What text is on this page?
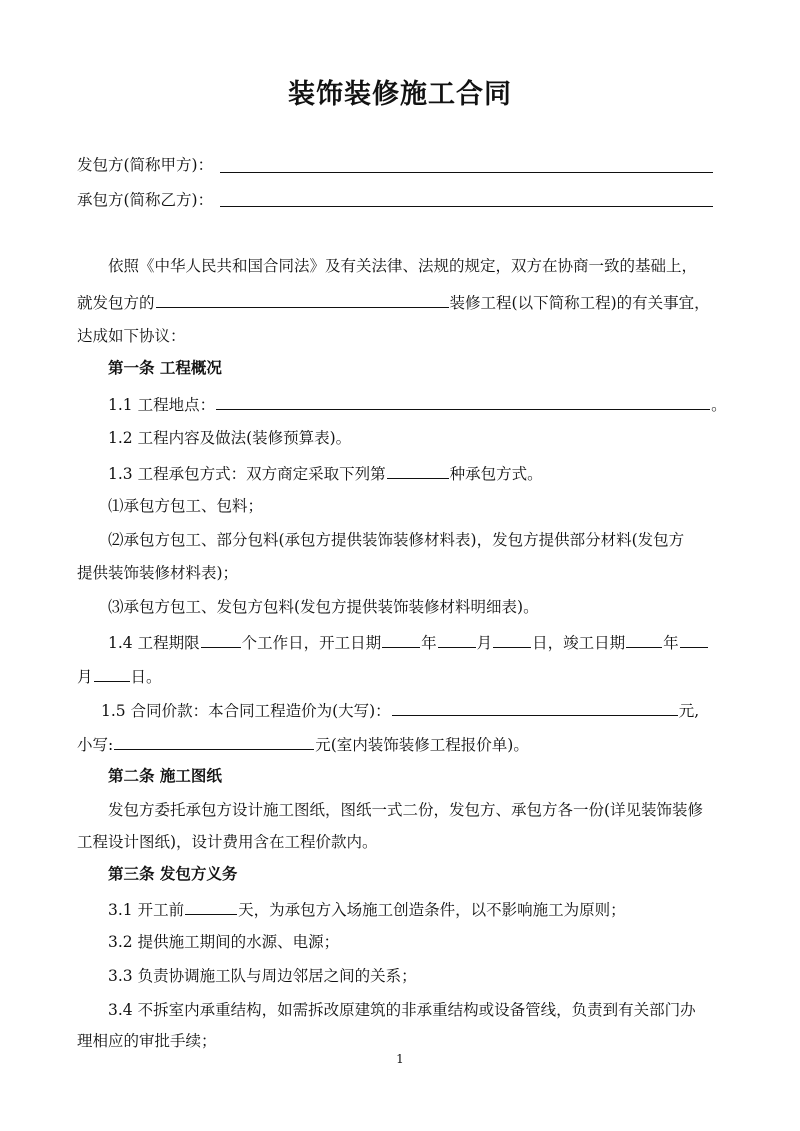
装饰装修施工合同
发包方(简称甲方)：
承包方(简称乙方)：
依照《中华人民共和国合同法》及有关法律、法规的规定，双方在协商一致的基础上，
就发包方的	装修工程(以下简称工程)的有关事宜，
达成如下协议：
第一条 工程概况
1.1 工程地点：	。
1.2 工程内容及做法(装修预算表)。
1.3 工程承包方式：双方商定采取下列第	种承包方式。
⑴承包方包工、包料；
⑵承包方包工、部分包料(承包方提供装饰装修材料表)，发包方提供部分材料(发包方
提供装饰装修材料表)；
⑶承包方包工、发包方包料(发包方提供装饰装修材料明细表)。
1.4 工程期限	个工作日，开工日期	年	月	日，竣工日期 年
月 日。
1.5 合同价款：本合同工程造价为(大写)：	元,
小写:	元(室内装饰装修工程报价单)。
第二条 施工图纸
发包方委托承包方设计施工图纸，图纸一式二份，发包方、承包方各一份(详见装饰装修
工程设计图纸)，设计费用含在工程价款内。
第三条 发包方义务
3.1 开工前	天，为承包方入场施工创造条件，以不影响施工为原则；
3.2 提供施工期间的水源、电源；
3.3 负责协调施工队与周边邻居之间的关系；
3.4 不拆室内承重结构，如需拆改原建筑的非承重结构或设备管线，负责到有关部门办
理相应的审批手续；
1
